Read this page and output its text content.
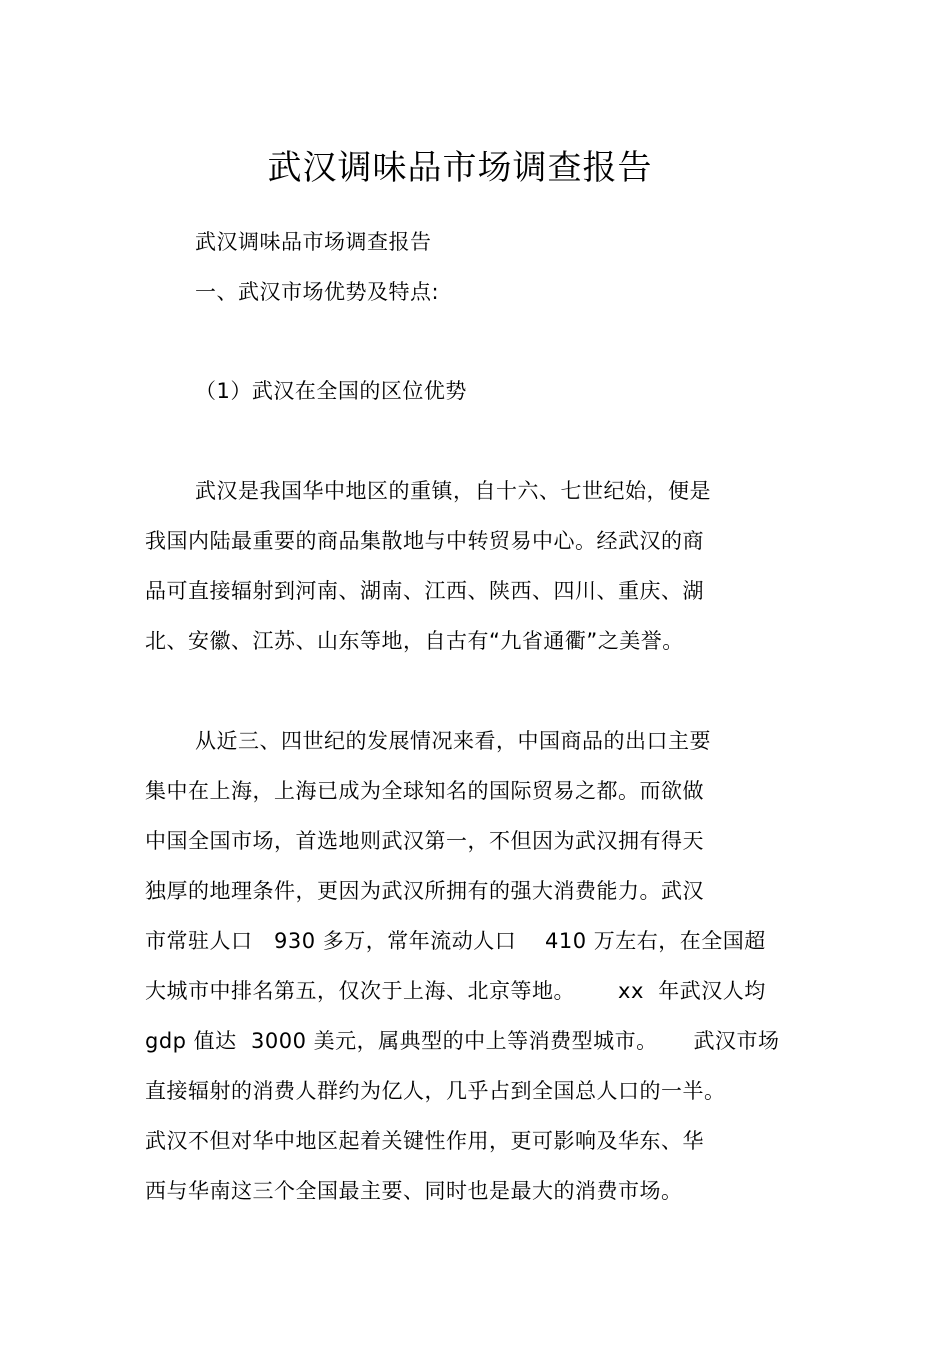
武汉调味品市场调查报告
武汉调味品市场调查报告
一、武汉市场优势及特点:
（1）武汉在全国的区位优势
武汉是我国华中地区的重镇，自十六、七世纪始，便是
我国内陆最重要的商品集散地与中转贸易中心。经武汉的商
品可直接辐射到河南、湖南、江西、陕西、四川、重庆、湖
北、安徽、江苏、山东等地，自古有“九省通衢”之美誉。
从近三、四世纪的发展情况来看，中国商品的出口主要
集中在上海，上海已成为全球知名的国际贸易之都。而欲做
中国全国市场，首选地则武汉第一，不但因为武汉拥有得天
独厚的地理条件，更因为武汉所拥有的强大消费能力。武汉
市常驻人口   930 多万，常年流动人口    410 万左右，在全国超
大城市中排名第五，仅次于上海、北京等地。      xx  年武汉人均
gdp 值达  3000 美元，属典型的中上等消费型城市。     武汉市场
直接辐射的消费人群约为亿人，几乎占到全国总人口的一半。
武汉不但对华中地区起着关键性作用，更可影响及华东、华
西与华南这三个全国最主要、同时也是最大的消费市场。
